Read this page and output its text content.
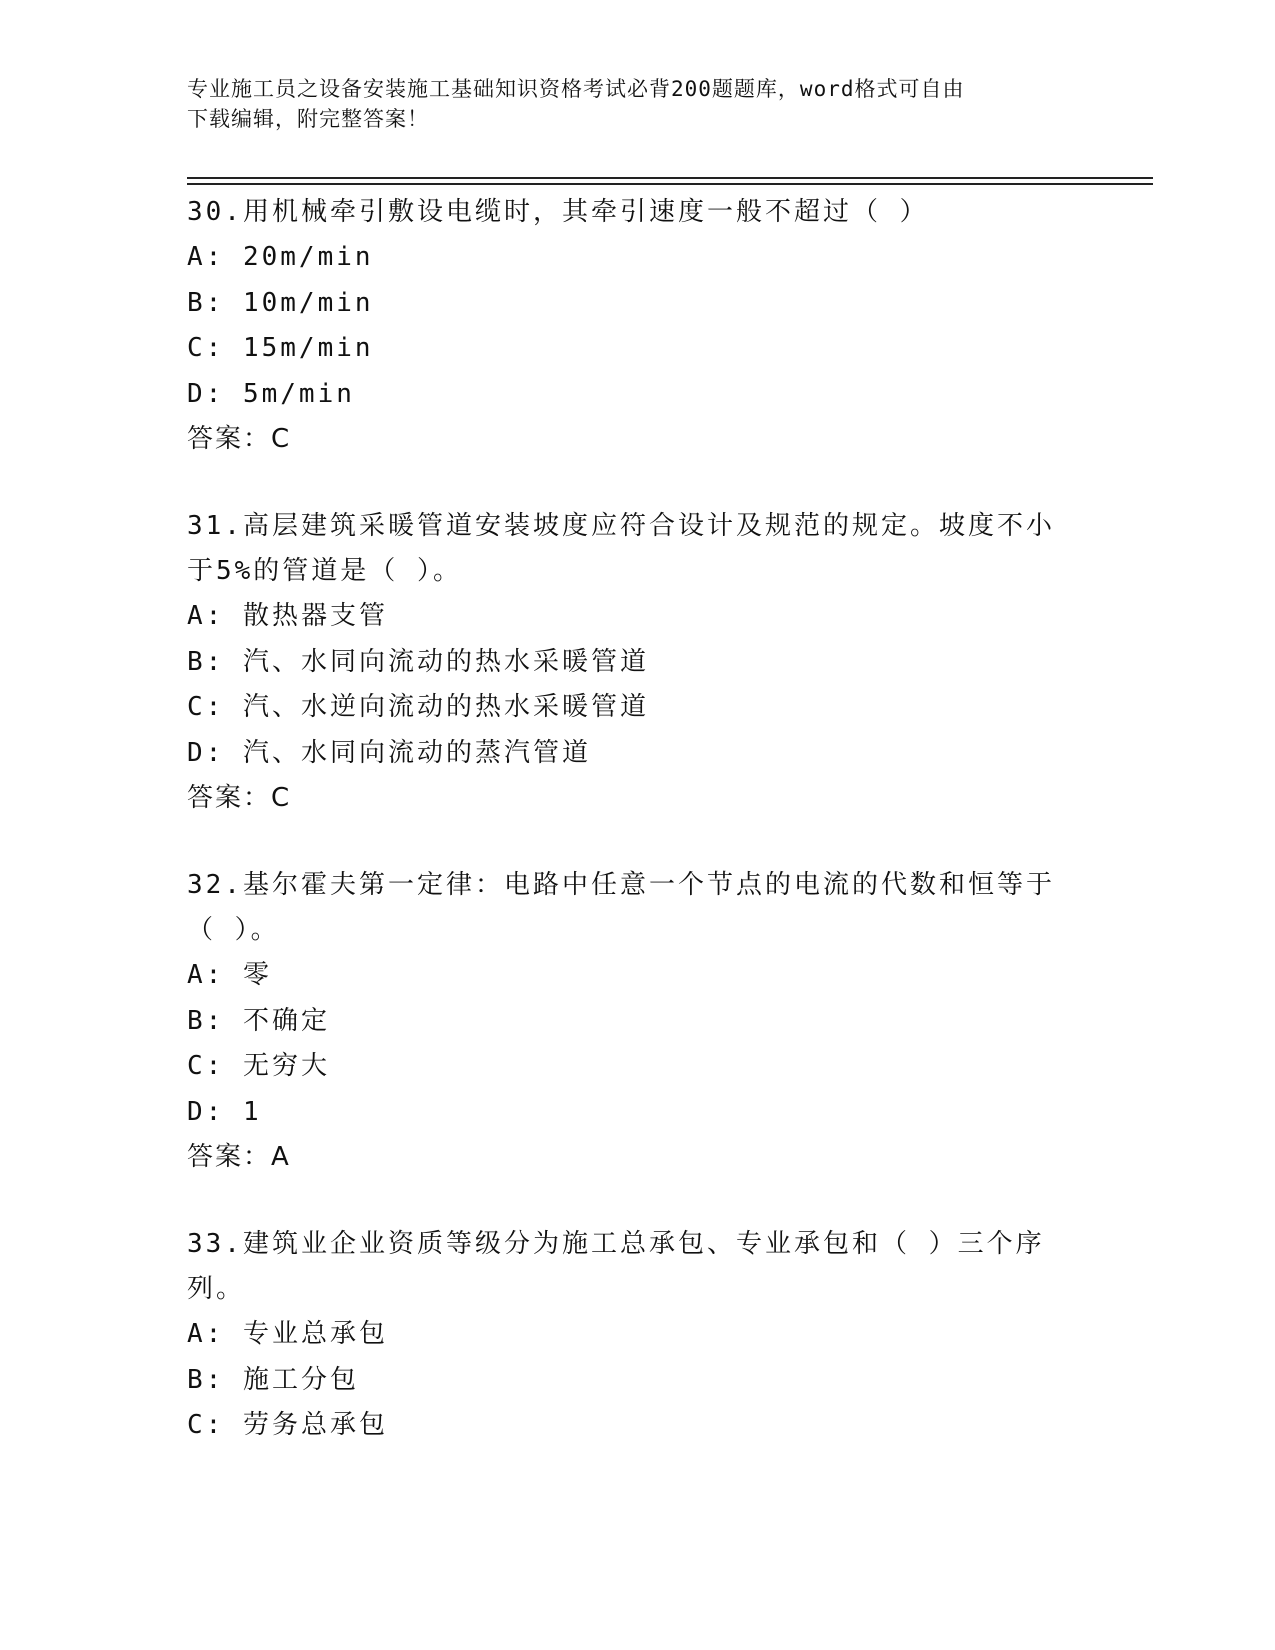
专业施工员之设备安装施工基础知识资格考试必背200题题库，word格式可自由
下载编辑，附完整答案！
30.用机械牵引敷设电缆时，其牵引速度一般不超过（ ）
A: 20m/min
B: 10m/min
C: 15m/min
D: 5m/min
答案：C
31.高层建筑采暖管道安装坡度应符合设计及规范的规定。坡度不小于5%的管道是（ ）。
A: 散热器支管
B: 汽、水同向流动的热水采暖管道
C: 汽、水逆向流动的热水采暖管道
D: 汽、水同向流动的蒸汽管道
答案：C
32.基尔霍夫第一定律：电路中任意一个节点的电流的代数和恒等于（ ）。
A: 零
B: 不确定
C: 无穷大
D: 1
答案：A
33.建筑业企业资质等级分为施工总承包、专业承包和（ ）三个序列。
A: 专业总承包
B: 施工分包
C: 劳务总承包
